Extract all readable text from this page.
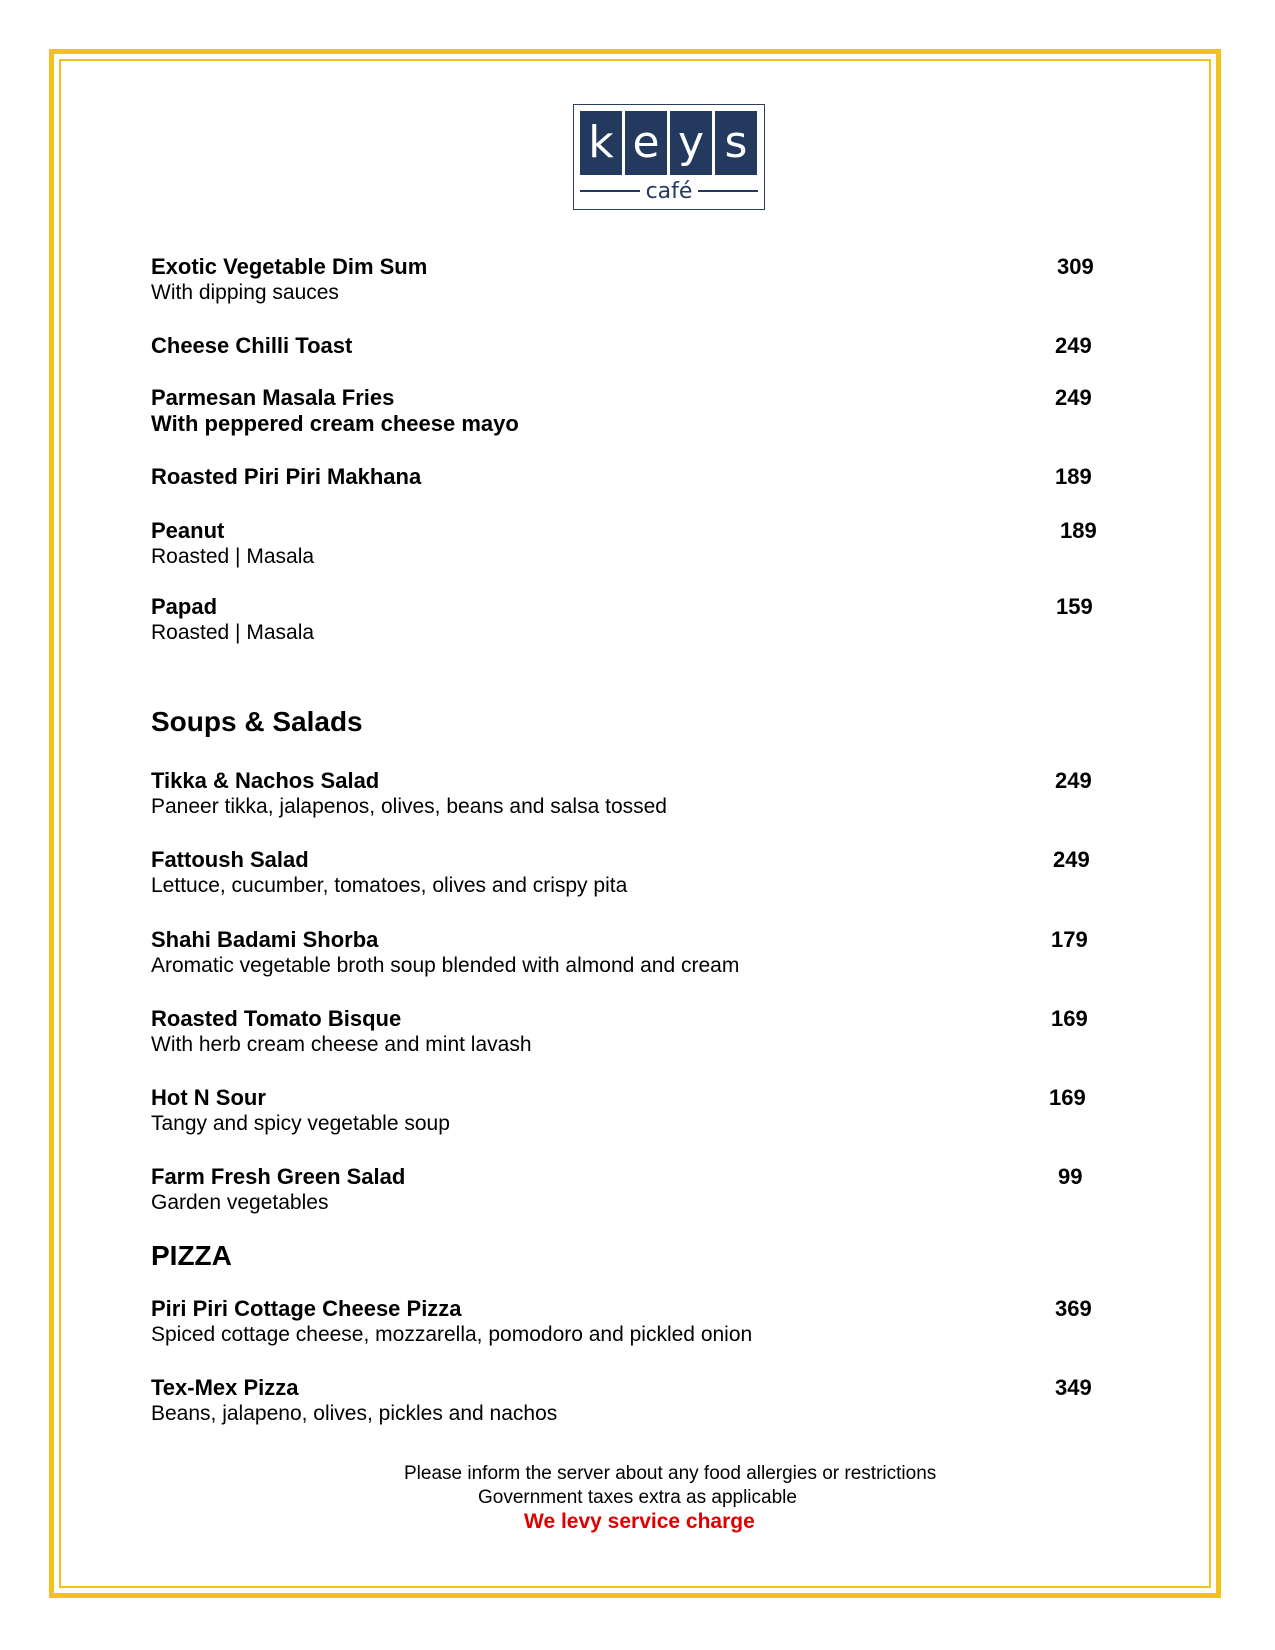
k e y s
café
Exotic Vegetable Dim Sum
With dipping sauces
309
Cheese Chilli Toast	249
Parmesan Masala Fries
With peppered cream cheese mayo
249
Roasted Piri Piri Makhana	189
Peanut
Roasted | Masala
189
Papad
Roasted | Masala
159
Soups & Salads
Tikka & Nachos Salad
Paneer tikka, jalapenos, olives, beans and salsa tossed
249
Fattoush Salad
Lettuce, cucumber, tomatoes, olives and crispy pita
249
Shahi Badami Shorba
Aromatic vegetable broth soup blended with almond and cream
179
Roasted Tomato Bisque
With herb cream cheese and mint lavash
169
Hot N Sour
Tangy and spicy vegetable soup
169
Farm Fresh Green Salad
Garden vegetables
99
PIZZA
Piri Piri Cottage Cheese Pizza
Spiced cottage cheese, mozzarella, pomodoro and pickled onion
369
Tex-Mex Pizza
Beans, jalapeno, olives, pickles and nachos
349
Please inform the server about any food allergies or restrictions
Government taxes extra as applicable
We levy service charge
